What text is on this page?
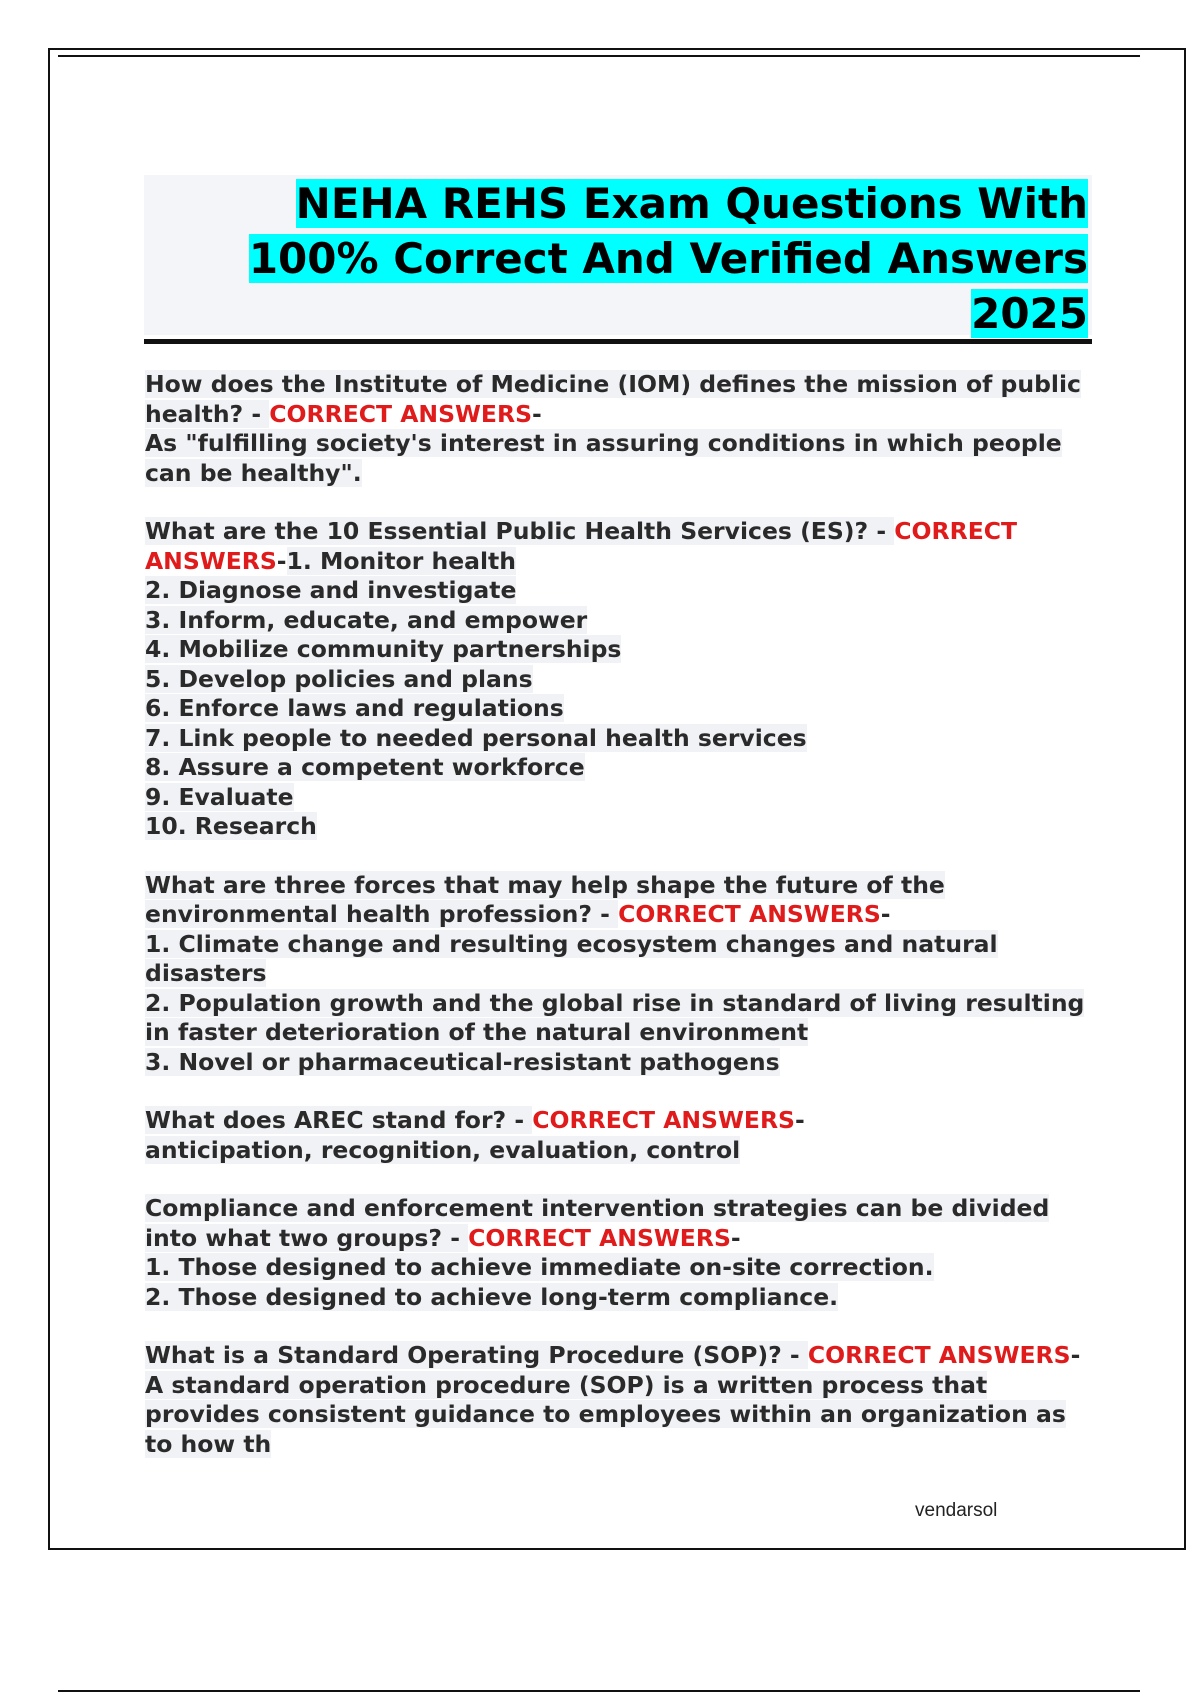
NEHA REHS Exam Questions With
100% Correct And Verified Answers
2025

How does the Institute of Medicine (IOM) defines the mission of public health? - CORRECT ANSWERS-

As "fulfilling society's interest in assuring conditions in which people can be healthy".

What are the 10 Essential Public Health Services (ES)? - CORRECT ANSWERS-1. Monitor health

2. Diagnose and investigate

3. Inform, educate, and empower

4. Mobilize community partnerships

5. Develop policies and plans

6. Enforce laws and regulations

7. Link people to needed personal health services

8. Assure a competent workforce

9. Evaluate

10. Research

What are three forces that may help shape the future of the environmental health profession? - CORRECT ANSWERS-

1. Climate change and resulting ecosystem changes and natural disasters

2. Population growth and the global rise in standard of living resulting in faster deterioration of the natural environment

3. Novel or pharmaceutical-resistant pathogens

What does AREC stand for? - CORRECT ANSWERS-

anticipation, recognition, evaluation, control

Compliance and enforcement intervention strategies can be divided into what two groups? - CORRECT ANSWERS-

1. Those designed to achieve immediate on-site correction.

2. Those designed to achieve long-term compliance.

What is a Standard Operating Procedure (SOP)? - CORRECT ANSWERS-

A standard operation procedure (SOP) is a written process that provides consistent guidance to employees within an organization as to how th

vendarsol
